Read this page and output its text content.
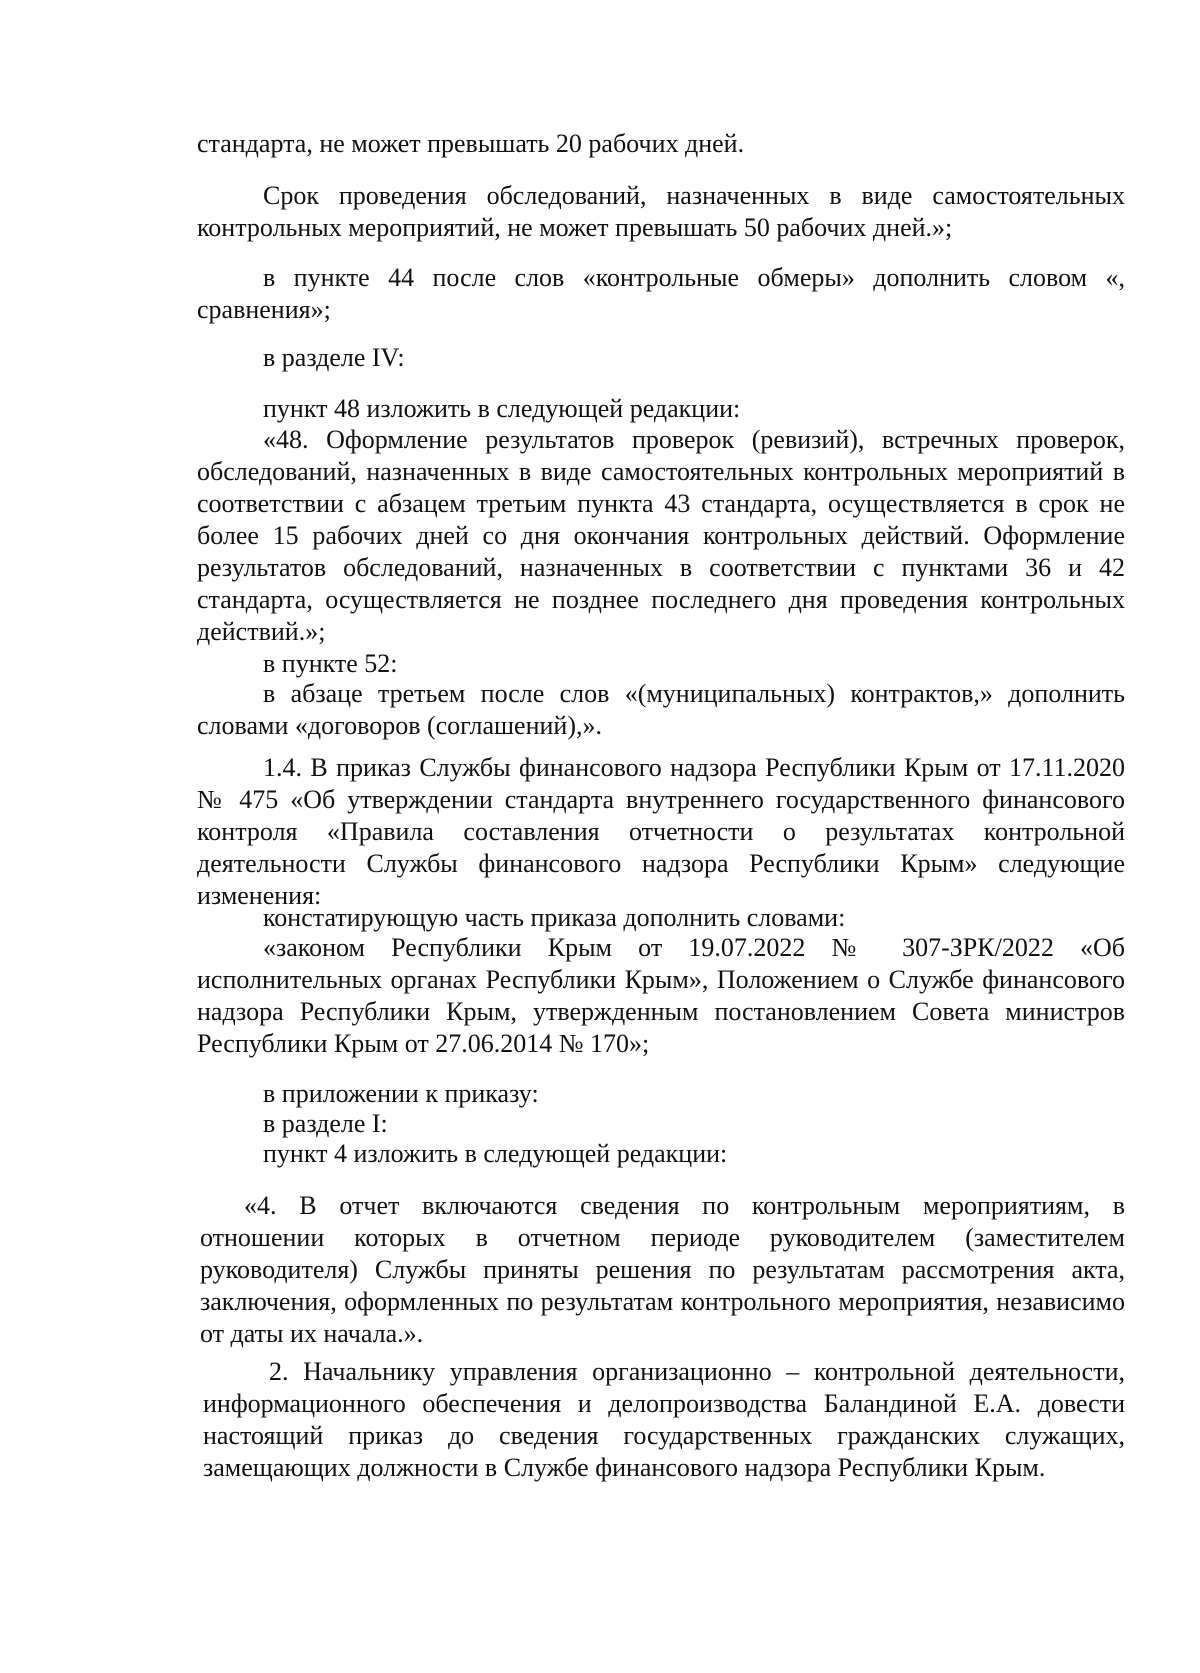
стандарта, не может превышать 20 рабочих дней.

Срок проведения обследований, назначенных в виде самостоятельных контрольных мероприятий, не может превышать 50 рабочих дней.»;

в пункте 44 после слов «контрольные обмеры» дополнить словом «, сравнения»;

в разделе IV:

пункт 48 изложить в следующей редакции:

«48. Оформление результатов проверок (ревизий), встречных проверок, обследований, назначенных в виде самостоятельных контрольных мероприятий в соответствии с абзацем третьим пункта 43 стандарта, осуществляется в срок не более 15 рабочих дней со дня окончания контрольных действий. Оформление результатов обследований, назначенных в соответствии с пунктами 36 и 42 стандарта, осуществляется не позднее последнего дня проведения контрольных действий.»;

в пункте 52:

в абзаце третьем после слов «(муниципальных) контрактов,» дополнить словами «договоров (соглашений),».

1.4. В приказ Службы финансового надзора Республики Крым от 17.11.2020 № 475 «Об утверждении стандарта внутреннего государственного финансового контроля «Правила составления отчетности о результатах контрольной деятельности Службы финансового надзора Республики Крым» следующие изменения:

констатирующую часть приказа дополнить словами:

«законом Республики Крым от 19.07.2022 № 307-ЗРК/2022 «Об исполнительных органах Республики Крым», Положением о Службе финансового надзора Республики Крым, утвержденным постановлением Совета министров Республики Крым от 27.06.2014 № 170»;

в приложении к приказу:

в разделе I:

пункт 4 изложить в следующей редакции:

«4. В отчет включаются сведения по контрольным мероприятиям, в отношении которых в отчетном периоде руководителем (заместителем руководителя) Службы приняты решения по результатам рассмотрения акта, заключения, оформленных по результатам контрольного мероприятия, независимо от даты их начала.».

2. Начальнику управления организационно – контрольной деятельности, информационного обеспечения и делопроизводства Баландиной Е.А. довести настоящий приказ до сведения государственных гражданских служащих, замещающих должности в Службе финансового надзора Республики Крым.
